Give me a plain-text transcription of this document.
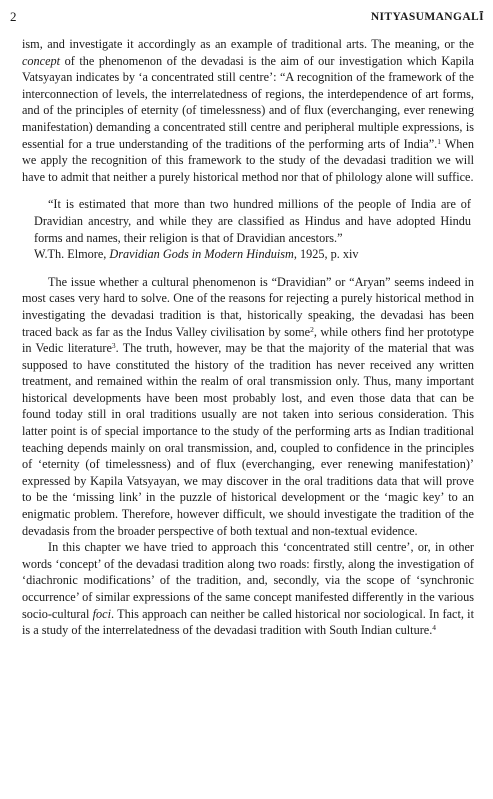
2	NITYASUMANGALĪ

ism, and investigate it accordingly as an example of traditional arts. The meaning, or the concept of the phenomenon of the devadasi is the aim of our investigation which Kapila Vatsyayan indicates by ‘a concentrated still centre’: “A recognition of the framework of the interconnection of levels, the interrelatedness of regions, the interdependence of art forms, and of the principles of eternity (of timelessness) and of flux (everchanging, ever renewing manifestation) demanding a concentrated still centre and peripheral multiple expressions, is essential for a true understanding of the traditions of the performing arts of India”.$^1$ When we apply the recognition of this framework to the study of the devadasi tradition we will have to admit that neither a purely historical method nor that of philology alone will suffice.

“It is estimated that more than two hundred millions of the people of India are of Dravidian ancestry, and while they are classified as Hindus and have adopted Hindu forms and names, their religion is that of Dravidian ancestors.”

W.Th. Elmore, Dravidian Gods in Modern Hinduism, 1925, p. xiv

The issue whether a cultural phenomenon is “Dravidian” or “Aryan” seems indeed in most cases very hard to solve. One of the reasons for rejecting a purely historical method in investigating the devadasi tradition is that, historically speaking, the devadasi has been traced back as far as the Indus Valley civilisation by some$^2$, while others find her prototype in Vedic literature$^3$. The truth, however, may be that the majority of the material that was supposed to have constituted the history of the tradition has never received any written treatment, and remained within the realm of oral transmission only. Thus, many important historical developments have been most probably lost, and even those data that can be found today still in oral traditions usually are not taken into serious consideration. This latter point is of special importance to the study of the performing arts as Indian traditional teaching depends mainly on oral transmission, and, coupled to confidence in the principles of ‘eternity (of timelessness) and of flux (everchanging, ever renewing manifestation)’ expressed by Kapila Vatsyayan, we may discover in the oral traditions data that will prove to be the ‘missing link’ in the puzzle of historical development or the ‘magic key’ to an enigmatic problem. Therefore, however difficult, we should investigate the tradition of the devadasis from the broader perspective of both textual and non-textual evidence.

In this chapter we have tried to approach this ‘concentrated still centre’, or, in other words ‘concept’ of the devadasi tradition along two roads: firstly, along the investigation of ‘diachronic modifications’ of the tradition, and, secondly, via the scope of ‘synchronic occurrence’ of similar expressions of the same concept manifested differently in the various socio-cultural foci. This approach can neither be called historical nor sociological. In fact, it is a study of the interrelatedness of the devadasi tradition with South Indian culture.$^4$
